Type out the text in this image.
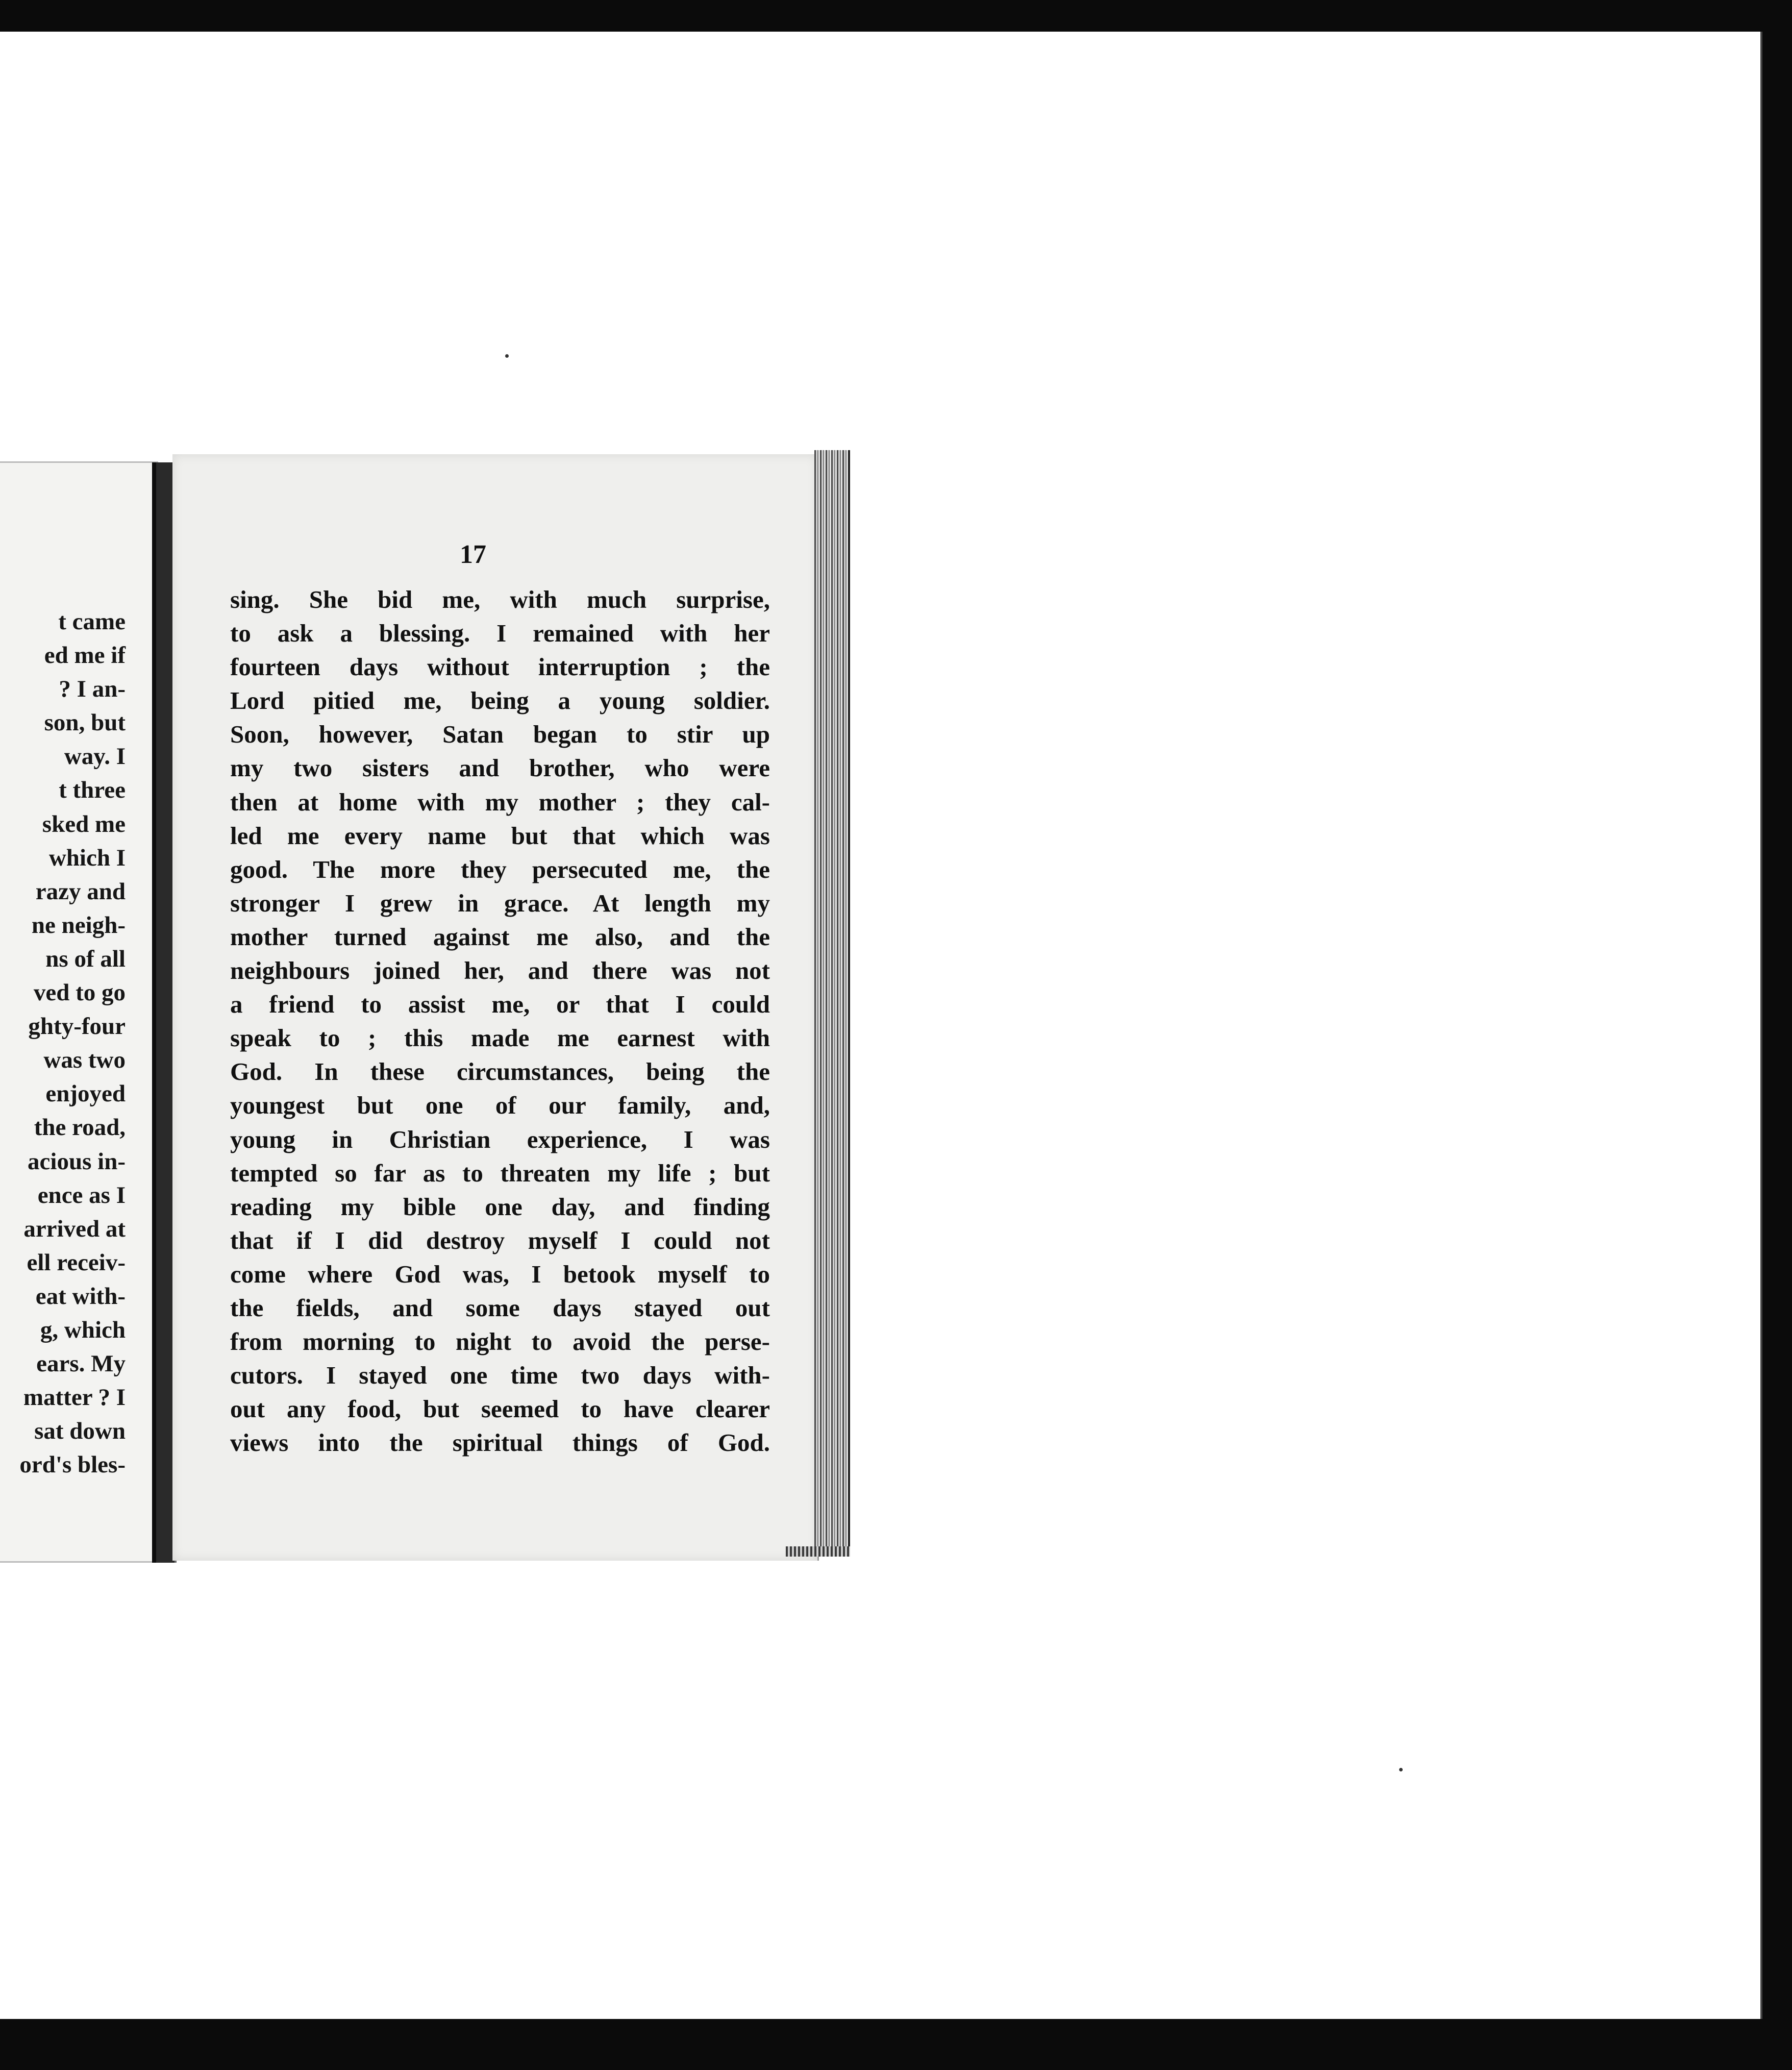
t came
ed me if
? I an-
son, but
way. I
t three
sked me
which I
razy and
ne neigh-
ns of all
ved to go
ghty-four
was two
enjoyed
the road,
acious in-
ence as I
arrived at
ell receiv-
eat with-
g, which
ears. My
matter ? I
sat down
ord's bles-
17
sing. She bid me, with much surprise,
to ask a blessing. I remained with her
fourteen days without interruption ; the
Lord pitied me, being a young soldier.
Soon, however, Satan began to stir up
my two sisters and brother, who were
then at home with my mother ; they cal-
led me every name but that which was
good. The more they persecuted me, the
stronger I grew in grace. At length my
mother turned against me also, and the
neighbours joined her, and there was not
a friend to assist me, or that I could
speak to ; this made me earnest with
God. In these circumstances, being the
youngest but one of our family, and,
young in Christian experience, I was
tempted so far as to threaten my life ; but
reading my bible one day, and finding
that if I did destroy myself I could not
come where God was, I betook myself to
the fields, and some days stayed out
from morning to night to avoid the perse-
cutors. I stayed one time two days with-
out any food, but seemed to have clearer
views into the spiritual things of God.
